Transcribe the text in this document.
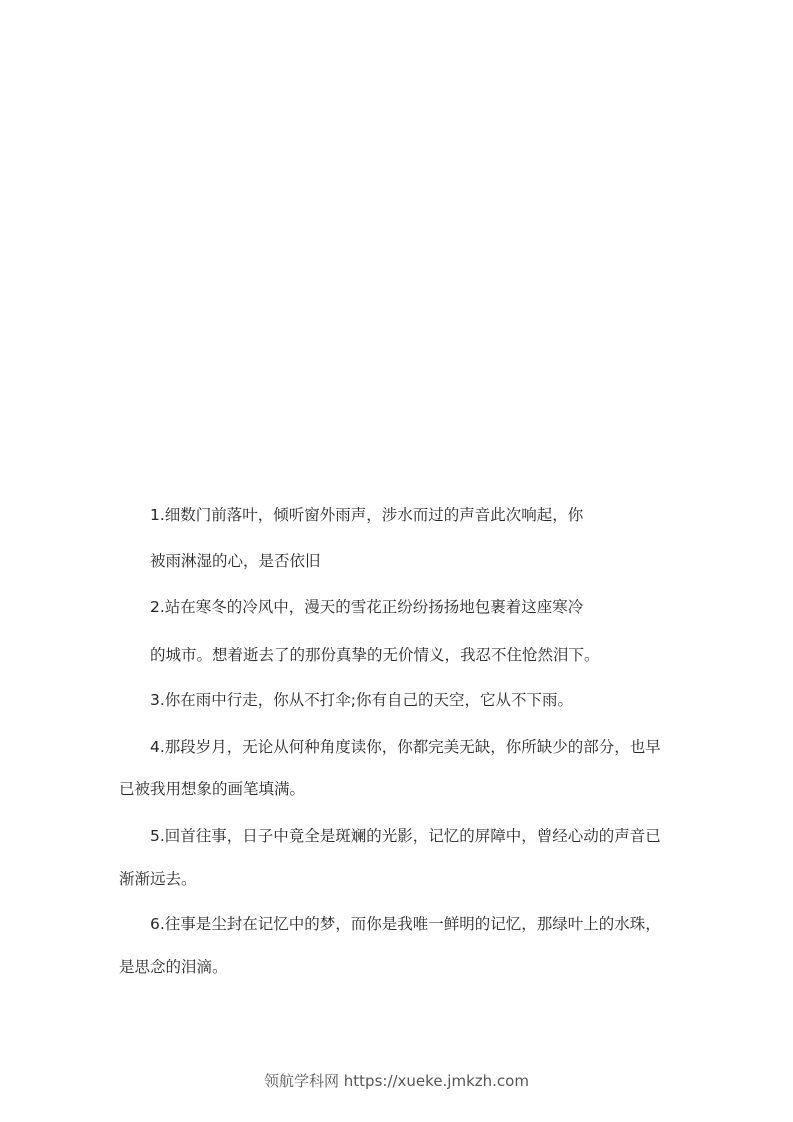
1.细数门前落叶，倾听窗外雨声，涉水而过的声音此次响起，你
被雨淋湿的心，是否依旧
2.站在寒冬的冷风中，漫天的雪花正纷纷扬扬地包裹着这座寒冷
的城市。想着逝去了的那份真挚的无价情义，我忍不住怆然泪下。
3.你在雨中行走，你从不打伞;你有自己的天空，它从不下雨。
4.那段岁月，无论从何种角度读你，你都完美无缺，你所缺少的部分，也早
已被我用想象的画笔填满。
5.回首往事，日子中竟全是斑斓的光影，记忆的屏障中，曾经心动的声音已
渐渐远去。
6.往事是尘封在记忆中的梦，而你是我唯一鲜明的记忆，那绿叶上的水珠，
是思念的泪滴。
领航学科网 https://xueke.jmkzh.com
